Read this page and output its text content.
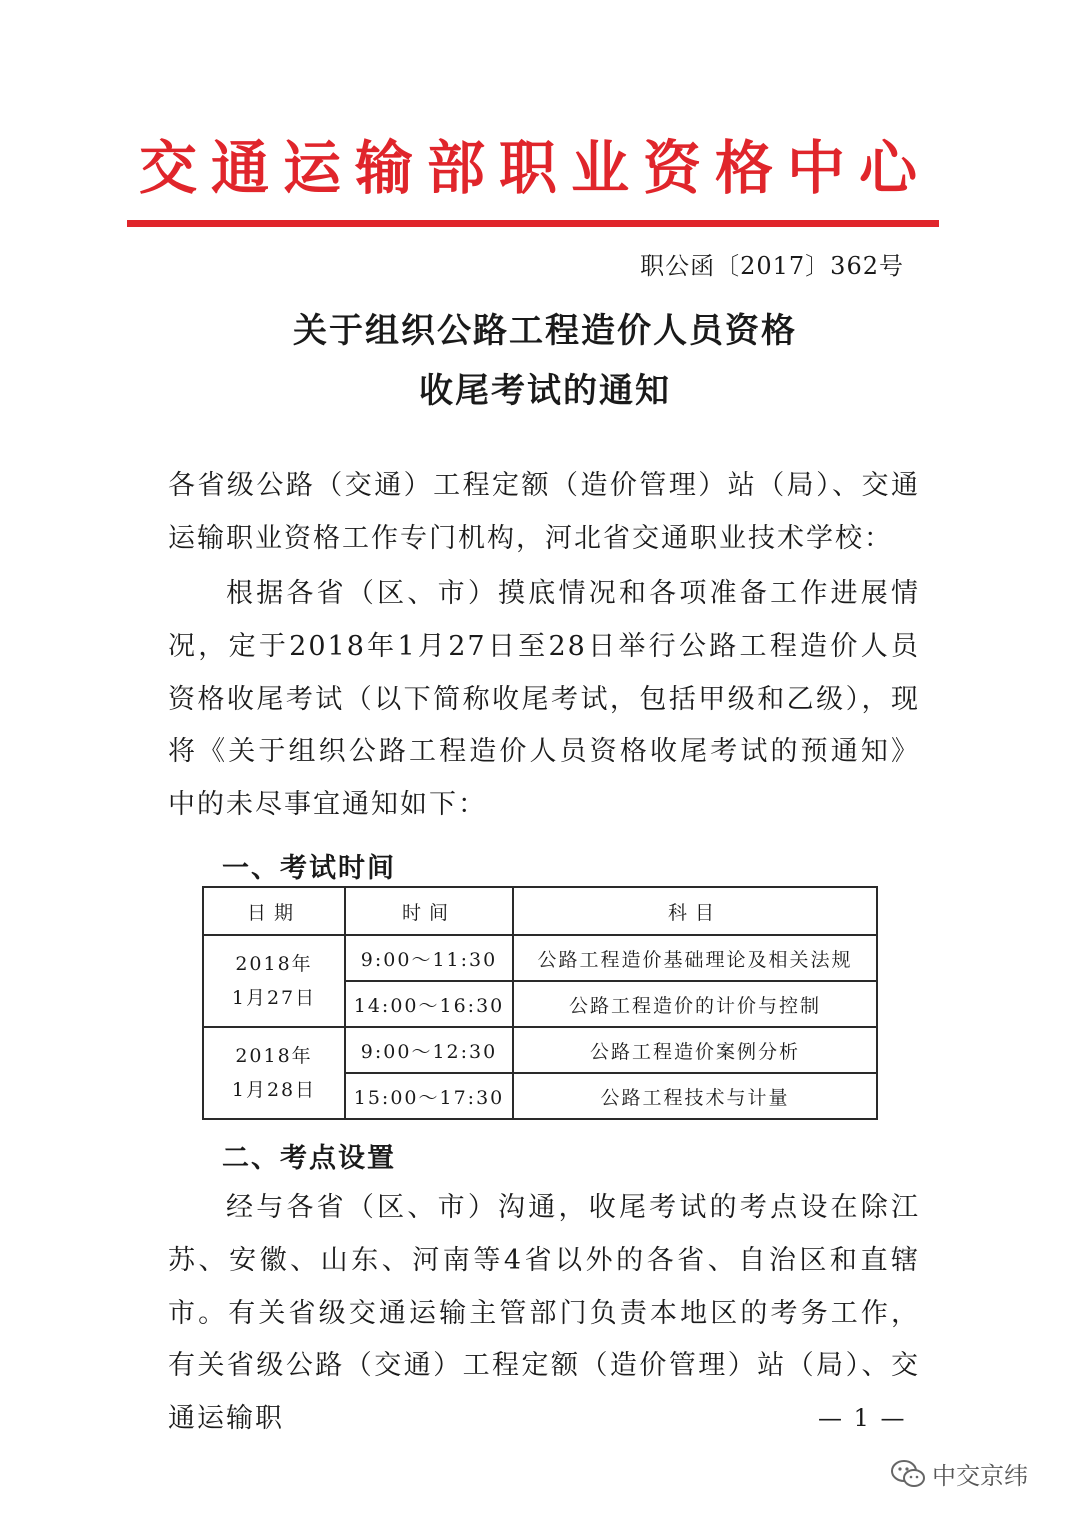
交通运输部职业资格中心
职公函〔2017〕362号
关于组织公路工程造价人员资格
收尾考试的通知

各省级公路（交通）工程定额（造价管理）站（局）、交通运输职业资格工作专门机构，河北省交通职业技术学校：

根据各省（区、市）摸底情况和各项准备工作进展情况，定于2018年1月27日至28日举行公路工程造价人员资格收尾考试（以下简称收尾考试，包括甲级和乙级），现将《关于组织公路工程造价人员资格收尾考试的预通知》中的未尽事宜通知如下：

一、考试时间
日期	时间	科目

2018年
1月27日	9:00～11:30	公路工程造价基础理论及相关法规
	14:00～16:30	公路工程造价的计价与控制

2018年
1月28日	9:00～12:30	公路工程造价案例分析
	15:00～17:30	公路工程技术与计量
二、考点设置

经与各省（区、市）沟通，收尾考试的考点设在除江苏、安徽、山东、河南等4省以外的各省、自治区和直辖市。有关省级交通运输主管部门负责本地区的考务工作，有关省级公路（交通）工程定额（造价管理）站（局）、交通运输职	— 1 —
中交京纬
